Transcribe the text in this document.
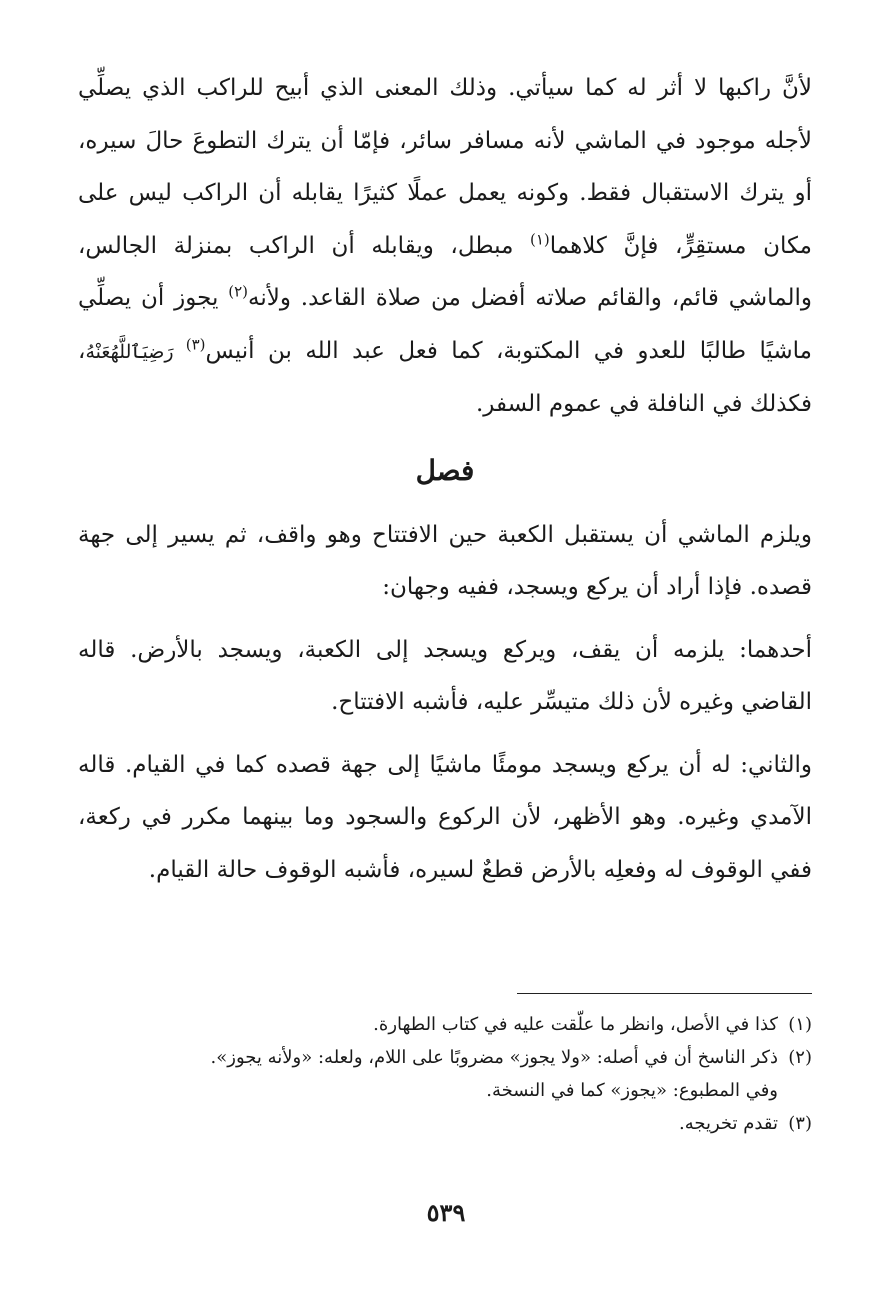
لأنَّ راكبها لا أثر له كما سيأتي. وذلك المعنى الذي أبيح للراكب الذي يصلِّي لأجله موجود في الماشي لأنه مسافر سائر، فإمّا أن يترك التطوعَ حالَ سيره، أو يترك الاستقبال فقط. وكونه يعمل عملًا كثيرًا يقابله أن الراكب ليس على مكان مستقِرٍّ، فإنَّ كلاهما$^{(١)}$ مبطل، ويقابله أن الراكب بمنزلة الجالس، والماشي قائم، والقائم صلاته أفضل من صلاة القاعد. ولأنه$^{(٢)}$ يجوز أن يصلِّي ماشيًا طالبًا للعدو في المكتوبة، كما فعل عبد الله بن أنيس$^{(٣)}$ رَضِيَٱللَّهُعَنْهُ، فكذلك في النافلة في عموم السفر.

فصل

ويلزم الماشي أن يستقبل الكعبة حين الافتتاح وهو واقف، ثم يسير إلى جهة قصده. فإذا أراد أن يركع ويسجد، ففيه وجهان:

أحدهما: يلزمه أن يقف، ويركع ويسجد إلى الكعبة، ويسجد بالأرض. قاله القاضي وغيره لأن ذلك متيسِّر عليه، فأشبه الافتتاح.

والثاني: له أن يركع ويسجد مومئًا ماشيًا إلى جهة قصده كما في القيام. قاله الآمدي وغيره. وهو الأظهر، لأن الركوع والسجود وما بينهما مكرر في ركعة، ففي الوقوف له وفعلِه بالأرض قطعٌ لسيره، فأشبه الوقوف حالة القيام.

(١)كذا في الأصل، وانظر ما علّقت عليه في كتاب الطهارة.

(٢)ذكر الناسخ أن في أصله: «ولا يجوز» مضروبًا على اللام، ولعله: «ولأنه يجوز».
وفي المطبوع: «يجوز» كما في النسخة.

(٣)تقدم تخريجه.

٥٣٩
